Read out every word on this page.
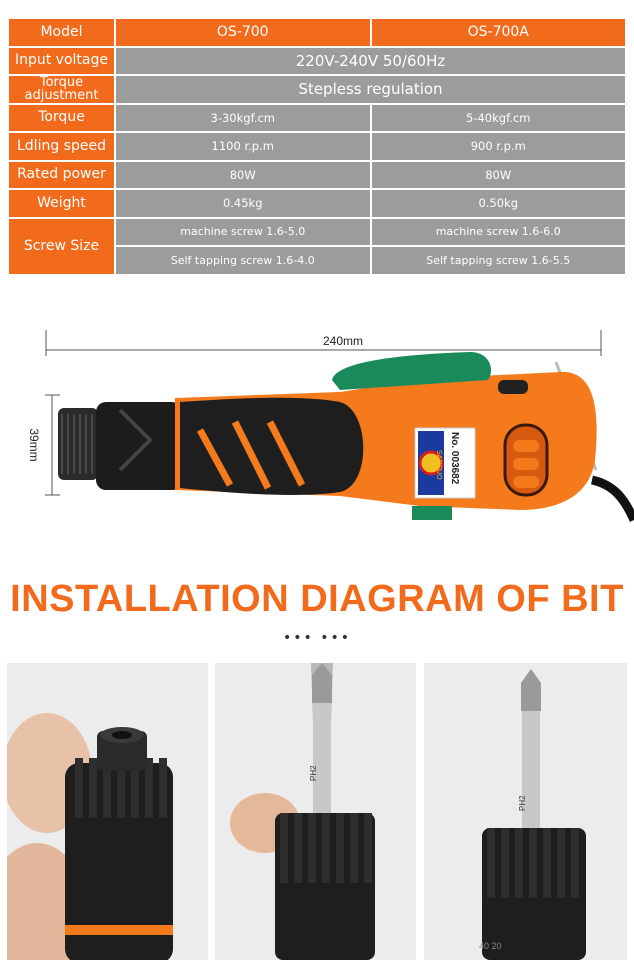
Model	OS-700	OS-700A
Input voltage	220V-240V 50/60Hz	
Torque adjustment	Stepless regulation	
Torque	3-30kgf.cm	5-40kgf.cm
Ldling speed	1100 r.p.m	900 r.p.m
Rated power	80W	80W
Weight	0.45kg	0.50kg
Screw Size	machine screw 1.6-5.0	machine screw 1.6-6.0
	Self tapping screw 1.6-4.0	Self tapping screw 1.6-5.5
240mm
39mm
SARSUO No. 003682
INSTALLATION DIAGRAM OF BIT
••• •••
PH2
PH2
40 20
